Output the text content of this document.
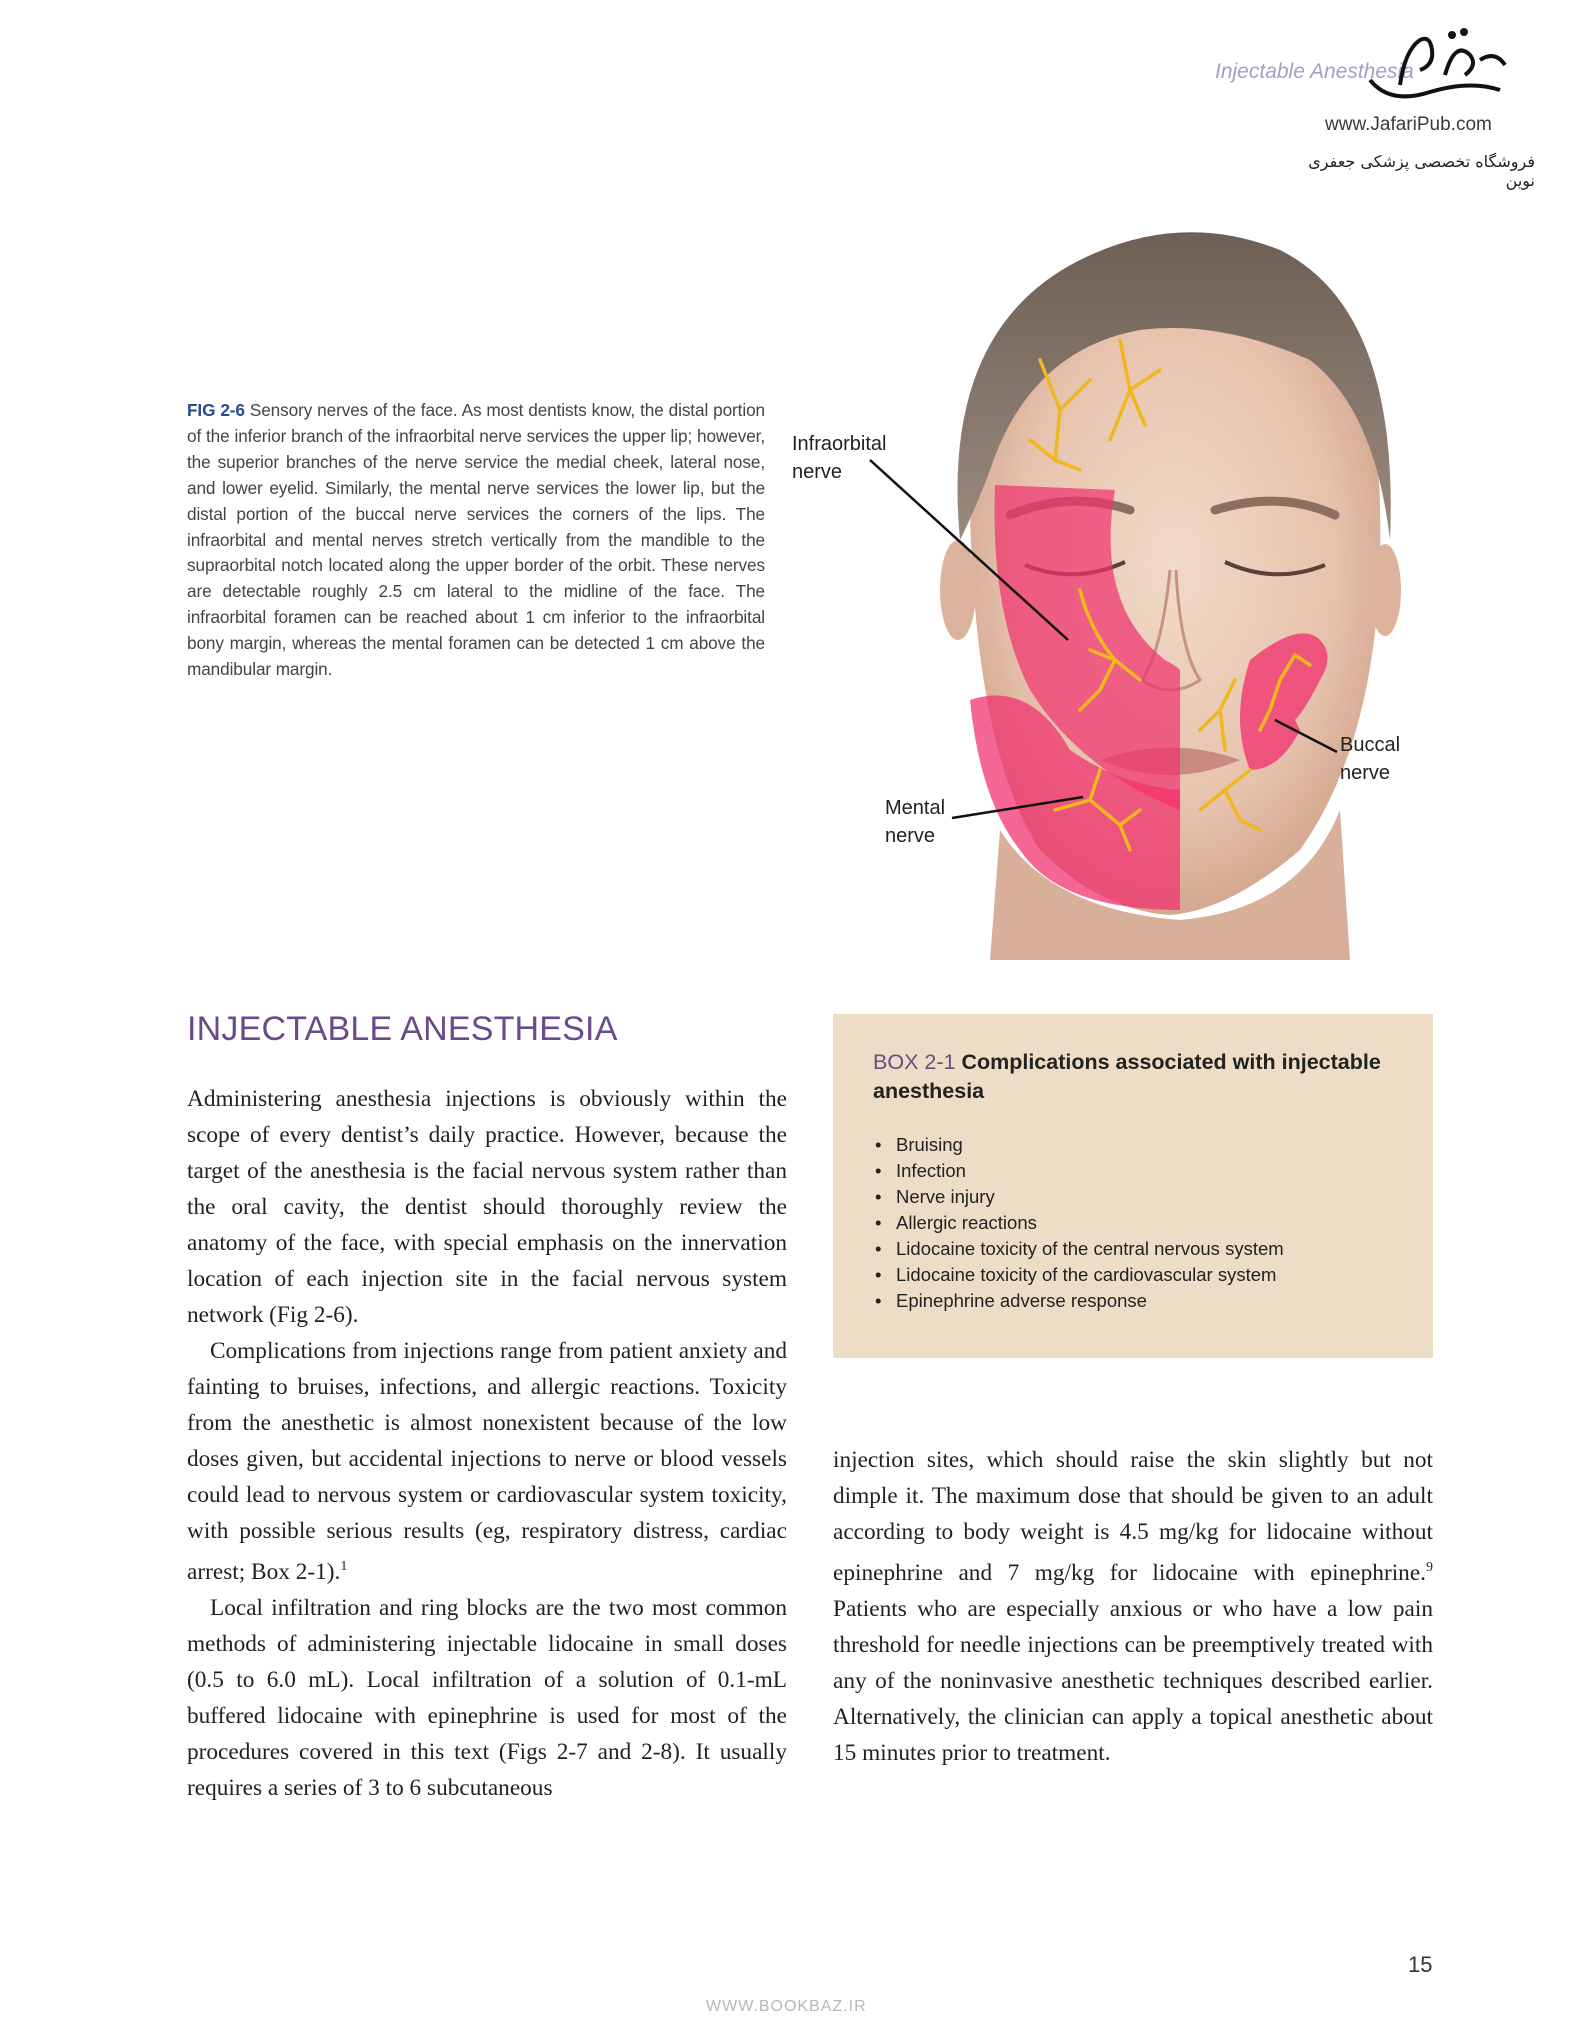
Injectable Anesthesia
www.JafariPub.com
فروشگاه تخصصی پزشکی جعفری نوین
FIG 2-6 Sensory nerves of the face. As most dentists know, the distal portion of the inferior branch of the infraorbital nerve services the upper lip; however, the superior branches of the nerve service the medial cheek, lateral nose, and lower eyelid. Similarly, the mental nerve services the lower lip, but the distal portion of the buccal nerve services the corners of the lips. The infraorbital and mental nerves stretch vertically from the mandible to the supraorbital notch located along the upper border of the orbit. These nerves are detectable roughly 2.5 cm lateral to the midline of the face. The infraorbital foramen can be reached about 1 cm inferior to the infraorbital bony margin, whereas the mental foramen can be detected 1 cm above the mandibular margin.
Infraorbital
nerve
Buccal
nerve
Mental
nerve
INJECTABLE ANESTHESIA

Administering anesthesia injections is obviously within the scope of every dentist’s daily practice. However, because the target of the anesthesia is the facial nervous system rather than the oral cavity, the dentist should thoroughly review the anatomy of the face, with special emphasis on the innervation location of each injection site in the facial nervous system network (Fig 2-6).

Complications from injections range from patient anxiety and fainting to bruises, infections, and allergic reactions. Toxicity from the anesthetic is almost nonexistent because of the low doses given, but accidental injections to nerve or blood vessels could lead to nervous system or cardiovascular system toxicity, with possible serious results (eg, respiratory distress, cardiac arrest; Box 2-1).$^1$

Local infiltration and ring blocks are the two most common methods of administering injectable lidocaine in small doses (0.5 to 6.0 mL). Local infiltration of a solution of 0.1-mL buffered lidocaine with epinephrine is used for most of the procedures covered in this text (Figs 2-7 and 2-8). It usually requires a series of 3 to 6 subcutaneous

BOX 2-1 Complications associated with injectable anesthesia
• Bruising
• Infection
• Nerve injury
• Allergic reactions
• Lidocaine toxicity of the central nervous system
• Lidocaine toxicity of the cardiovascular system
• Epinephrine adverse response

injection sites, which should raise the skin slightly but not dimple it. The maximum dose that should be given to an adult according to body weight is 4.5 mg/kg for lidocaine without epinephrine and 7 mg/kg for lidocaine with epinephrine.$^9$ Patients who are especially anxious or who have a low pain threshold for needle injections can be preemptively treated with any of the noninvasive anesthetic techniques described earlier. Alternatively, the clinician can apply a topical anesthetic about 15 minutes prior to treatment.

15
WWW.BOOKBAZ.IR
